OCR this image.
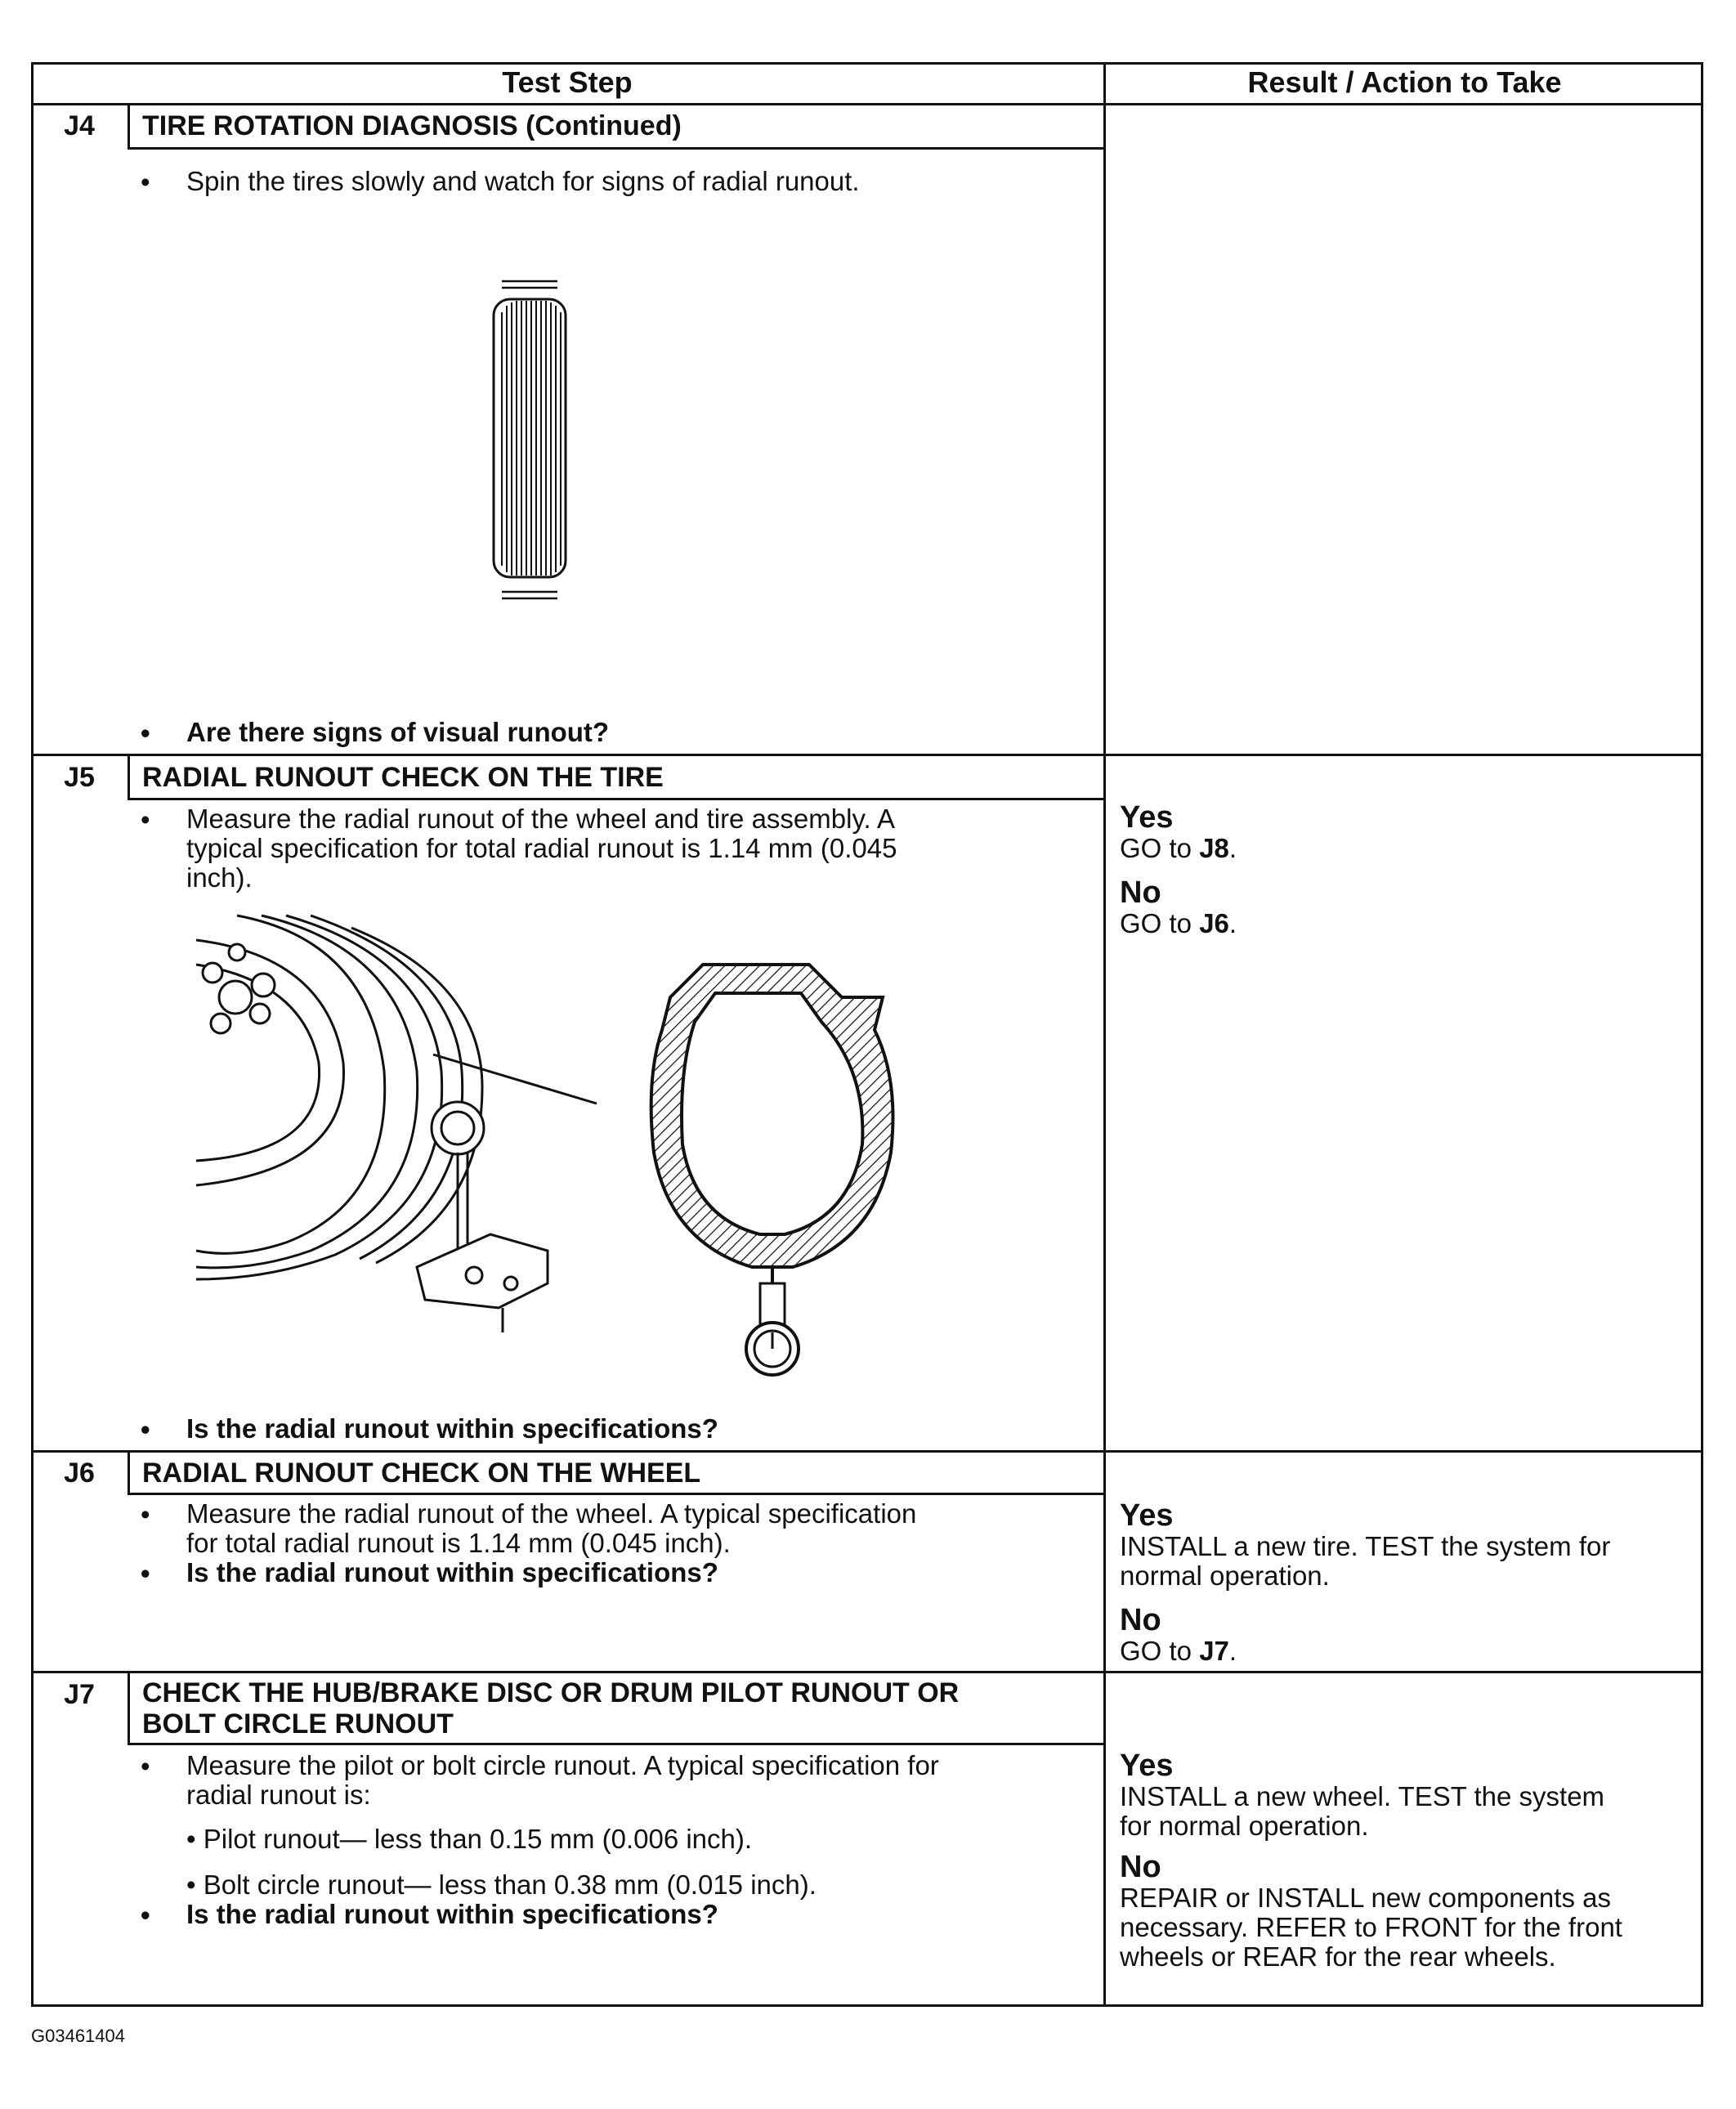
Test Step	Result / Action to Take
J4	TIRE ROTATION DIAGNOSIS (Continued)
• Spin the tires slowly and watch for signs of radial runout.
• Are there signs of visual runout?
J5	RADIAL RUNOUT CHECK ON THE TIRE
• Measure the radial runout of the wheel and tire assembly. A
typical specification for total radial runout is 1.14 mm (0.045
inch).
• Is the radial runout within specifications?
Yes
GO to J8.
No
GO to J6.
J6	RADIAL RUNOUT CHECK ON THE WHEEL
• Measure the radial runout of the wheel. A typical specification
for total radial runout is 1.14 mm (0.045 inch).
• Is the radial runout within specifications?
Yes
INSTALL a new tire. TEST the system for
normal operation.
No
GO to J7.
J7	CHECK THE HUB/BRAKE DISC OR DRUM PILOT RUNOUT OR
BOLT CIRCLE RUNOUT
• Measure the pilot or bolt circle runout. A typical specification for
radial runout is:
• Pilot runout— less than 0.15 mm (0.006 inch).
• Bolt circle runout— less than 0.38 mm (0.015 inch).
• Is the radial runout within specifications?
Yes
INSTALL a new wheel. TEST the system
for normal operation.
No
REPAIR or INSTALL new components as
necessary. REFER to FRONT for the front
wheels or REAR for the rear wheels.
G03461404
